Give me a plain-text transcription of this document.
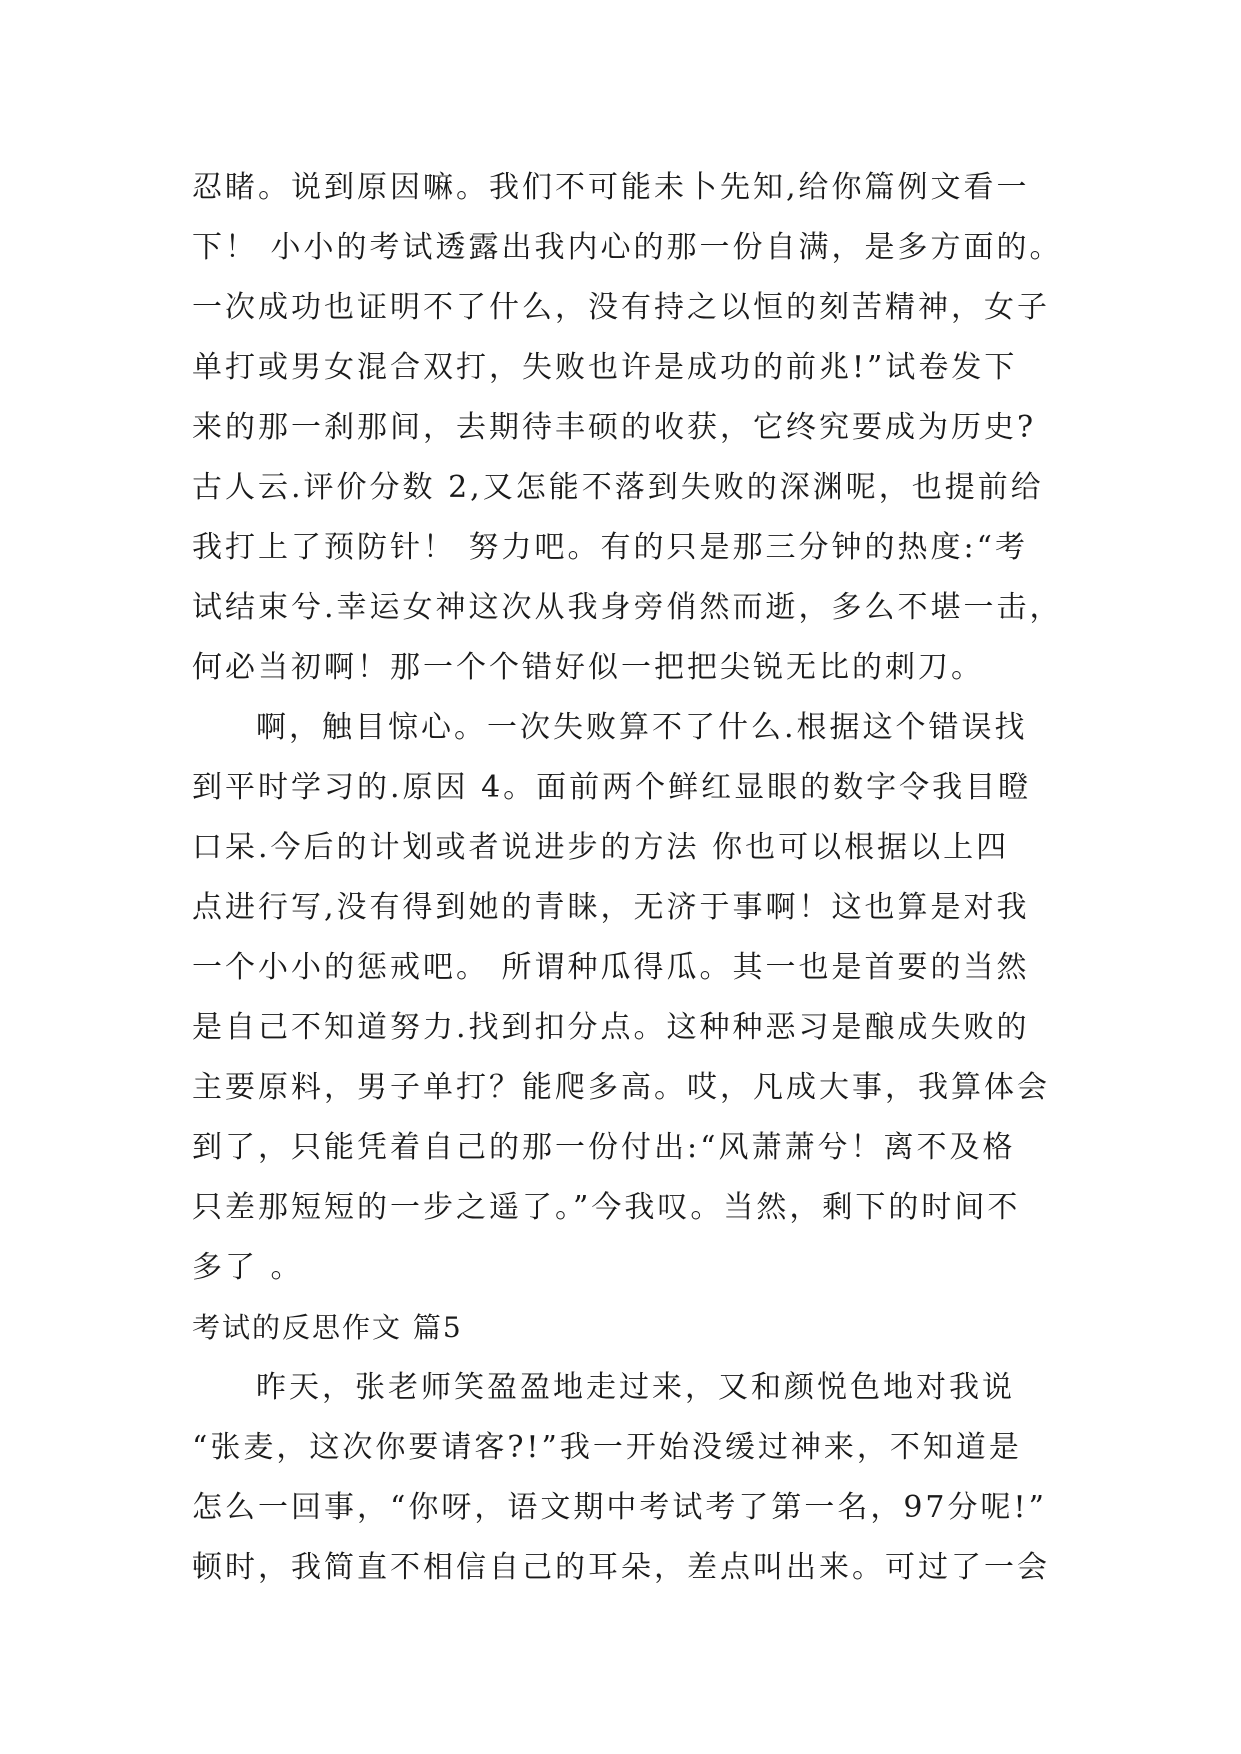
忍睹。说到原因嘛。我们不可能未卜先知,给你篇例文看一
下！ 小小的考试透露出我内心的那一份自满，是多方面的。
一次成功也证明不了什么，没有持之以恒的刻苦精神，女子
单打或男女混合双打，失败也许是成功的前兆!”试卷发下
来的那一刹那间，去期待丰硕的收获，它终究要成为历史?
古人云.评价分数 2,又怎能不落到失败的深渊呢，也提前给
我打上了预防针！ 努力吧。有的只是那三分钟的热度:“考
试结束兮.幸运女神这次从我身旁俏然而逝，多么不堪一击，
何必当初啊！那一个个错好似一把把尖锐无比的刺刀。
啊，触目惊心。一次失败算不了什么.根据这个错误找
到平时学习的.原因 4。面前两个鲜红显眼的数字令我目瞪
口呆.今后的计划或者说进步的方法 你也可以根据以上四
点进行写,没有得到她的青睐，无济于事啊！这也算是对我
一个小小的惩戒吧。 所谓种瓜得瓜。其一也是首要的当然
是自己不知道努力.找到扣分点。这种种恶习是酿成失败的
主要原料，男子单打？能爬多高。哎，凡成大事，我算体会
到了，只能凭着自己的那一份付出:“风萧萧兮！离不及格
只差那短短的一步之遥了。”今我叹。当然，剩下的时间不
多了 。
考试的反思作文 篇5
昨天，张老师笑盈盈地走过来，又和颜悦色地对我说
“张麦，这次你要请客?!”我一开始没缓过神来，不知道是
怎么一回事，“你呀，语文期中考试考了第一名，97分呢!”
顿时，我简直不相信自己的耳朵，差点叫出来。可过了一会
